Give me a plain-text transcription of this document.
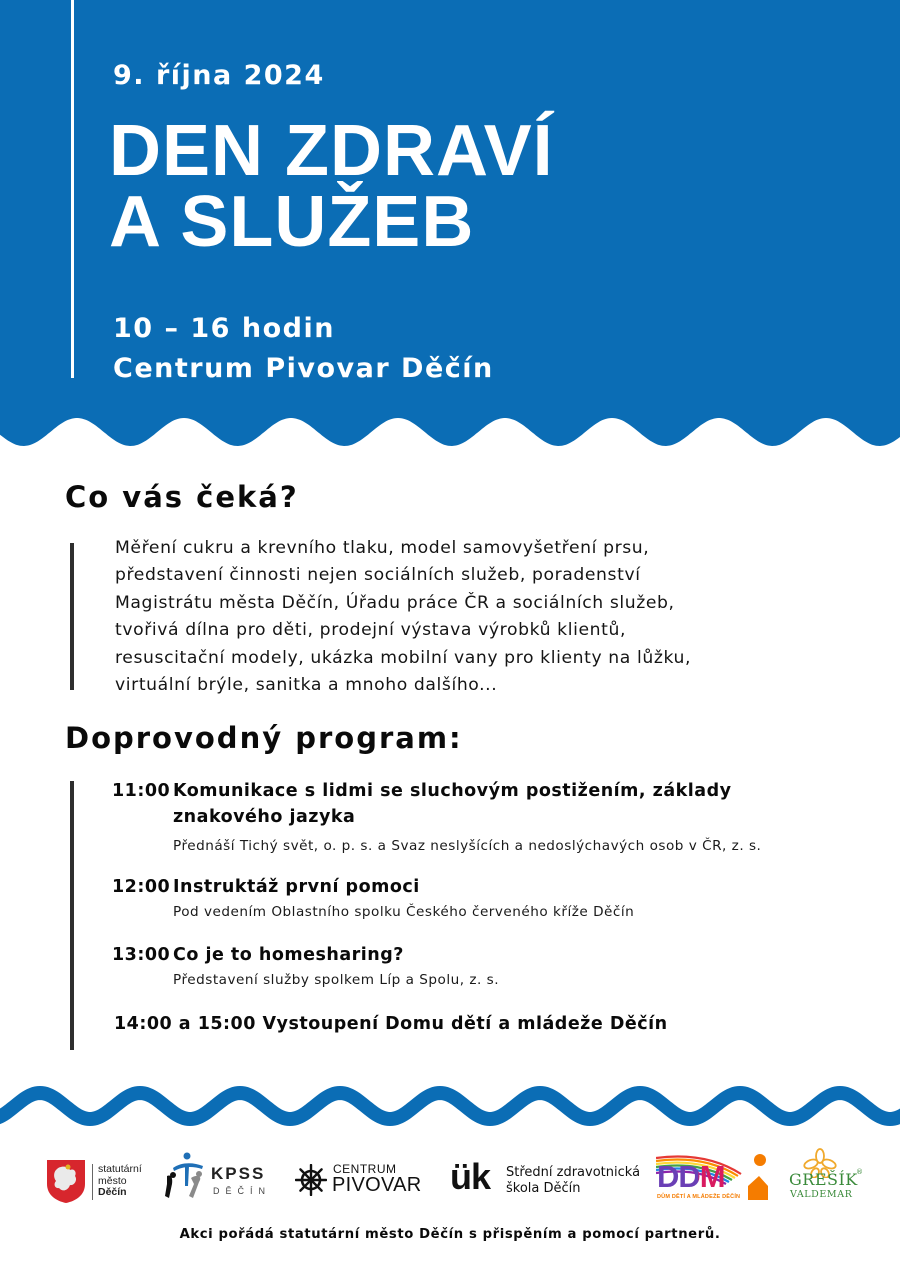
9. října 2024
DEN ZDRAVÍ
A SLUŽEB
10 – 16 hodin
Centrum Pivovar Děčín
Co vás čeká?
Měření cukru a krevního tlaku, model samovyšetření prsu,
představení činnosti nejen sociálních služeb, poradenství
Magistrátu města Děčín, Úřadu práce ČR a sociálních služeb,
tvořivá dílna pro děti, prodejní výstava výrobků klientů,
resuscitační modely, ukázka mobilní vany pro klienty na lůžku,
virtuální brýle, sanitka a mnoho dalšího...
Doprovodný program:
11:00 Komunikace s lidmi se sluchovým postižením, základy
znakového jazyka
Přednáší Tichý svět, o. p. s. a Svaz neslyšících a nedoslýchavých osob v ČR, z. s.
12:00 Instruktáž první pomoci
Pod vedením Oblastního spolku Českého červeného kříže Děčín
13:00 Co je to homesharing?
Představení služby spolkem Líp a Spolu, z. s.
14:00 a 15:00
Vystoupení Domu dětí a mládeže Děčín
statutární
město
Děčín
KPSS
DĚČÍN
CENTRUM
PIVOVAR ük Střední zdravotnická
škola Děčín	DDM
DŮM DĚTÍ A MLÁDEŽE DĚČÍN
GREŠÍK
®
VALDEMAR
Akci pořádá statutární město Děčín s přispěním a pomocí partnerů.
